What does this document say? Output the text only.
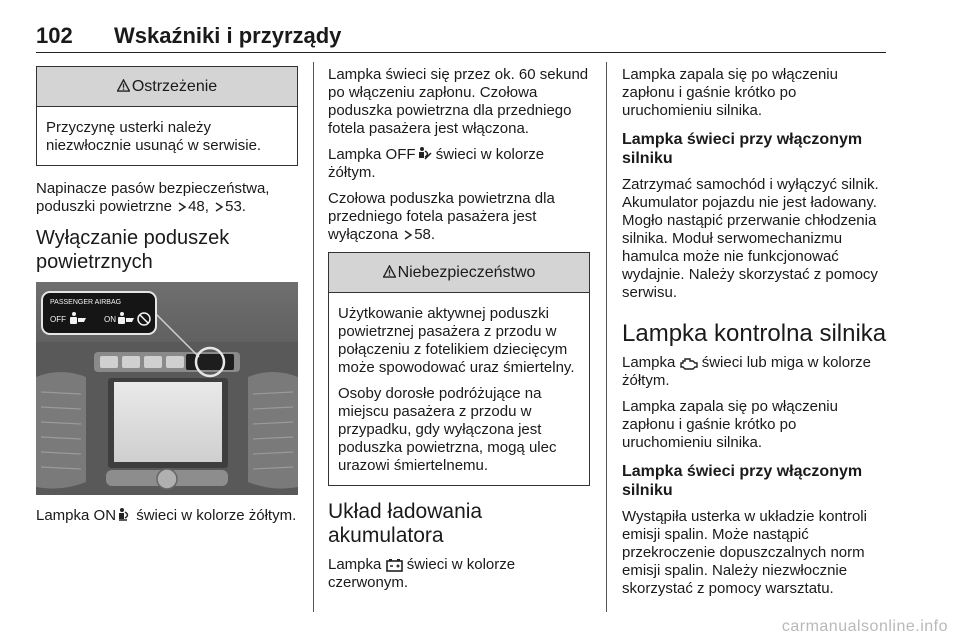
102 Wskaźniki i przyrządy
Ostrzeżenie

Przyczynę usterki należy niezwłocznie usunąć w serwisie.

Napinacze pasów bezpieczeństwa, poduszki powietrzne 48, 53.

Wyłączanie poduszek powietrznych
PASSENGER AIRBAG
OFF	ON

Lampka ON świeci w kolorze żółtym.

Lampka świeci się przez ok. 60 sekund po włączeniu zapłonu. Czołowa poduszka powietrzna dla przedniego fotela pasażera jest włączona.

Lampka OFF świeci w kolorze żółtym.

Czołowa poduszka powietrzna dla przedniego fotela pasażera jest wyłączona 58.

Niebezpieczeństwo

Użytkowanie aktywnej poduszki powietrznej pasażera z przodu w połączeniu z fotelikiem dziecięcym może spowodować uraz śmiertelny.

Osoby dorosłe podróżujące na miejscu pasażera z przodu w przypadku, gdy wyłączona jest poduszka powietrzna, mogą ulec urazowi śmiertelnemu.

Układ ładowania akumulatora

Lampka  świeci w kolorze czerwonym.

Lampka zapala się po włączeniu zapłonu i gaśnie krótko po uruchomieniu silnika.

Lampka świeci przy włączonym silniku

Zatrzymać samochód i wyłączyć silnik. Akumulator pojazdu nie jest ładowany. Mogło nastąpić przerwanie chłodzenia silnika. Moduł serwomechanizmu hamulca może nie funkcjonować wydajnie. Należy skorzystać z pomocy serwisu.

Lampka kontrolna silnika

Lampka  świeci lub miga w kolorze żółtym.

Lampka zapala się po włączeniu zapłonu i gaśnie krótko po uruchomieniu silnika.

Lampka świeci przy włączonym silniku

Wystąpiła usterka w układzie kontroli emisji spalin. Może nastąpić przekroczenie dopuszczalnych norm emisji spalin. Należy niezwłocznie skorzystać z pomocy warsztatu.

carmanualsonline.info
